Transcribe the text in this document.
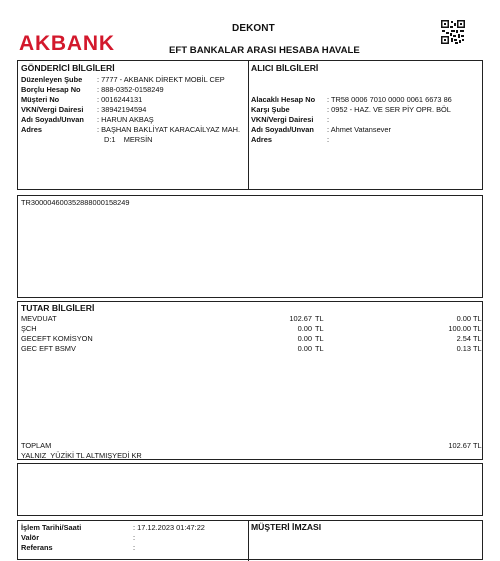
AKBANK
DEKONT
EFT BANKALAR ARASI HESABA HAVALE
GÖNDERİCİ BİLGİLERİ	ALICI BİLGİLERİ
Düzenleyen Şube : 7777 - AKBANK DİREKT MOBİL CEP
Borçlu Hesap No : 888-0352-0158249
Müşteri No	: 0016244131
VKN/Vergi Dairesi : 38942194594
Adı Soyadı/Unvan : HARUN AKBAŞ
Adres	: BAŞHAN BAKLİYAT KARACAİLYAZ MAH.
D:1    MERSİN
Alacaklı Hesap No : TR58 0006 7010 0000 0061 6673 86
Karşı Şube	: 0952 - HAZ. VE SER PİY OPR. BÖL
VKN/Vergi Dairesi :
Adı Soyadı/Unvan : Ahmet Vatansever
Adres	:
TR300004600352888000158249
TUTAR BİLGİLERİ
MEVDUAT	102.67 TL	0.00 TL
ŞCH	0.00 TL	100.00 TL
GECEFT KOMİSYON	0.00 TL	2.54 TL
GEC EFT BSMV	0.00 TL	0.13 TL
TOPLAM	102.67 TL
YALNIZ  YÜZİKİ TL ALTMIŞYEDİ KR
İşlem Tarihi/Saati	: 17.12.2023 01:47:22
Valör	:
Referans	:
MÜŞTERİ İMZASI
